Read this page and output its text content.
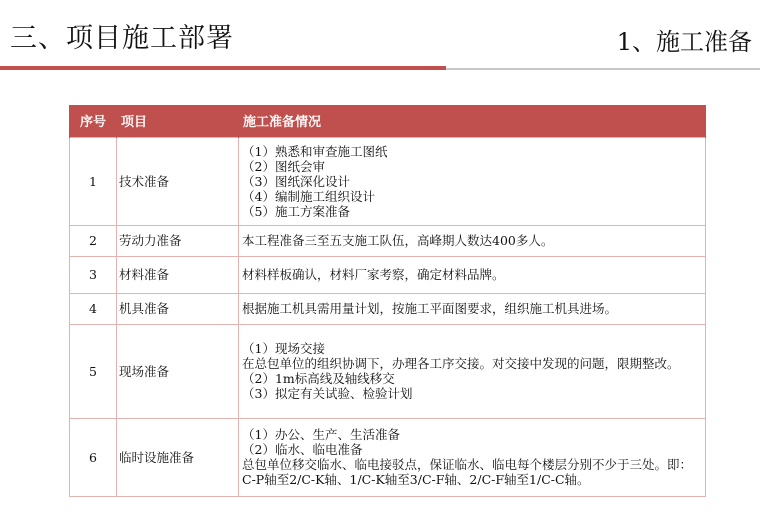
三、项目施工部署	1、施工准备
序号	项目	施工准备情况
1	技术准备	（1）熟悉和审查施工图纸
（2）图纸会审
（3）图纸深化设计
（4）编制施工组织设计
（5）施工方案准备

2	劳动力准备	本工程准备三至五支施工队伍，高峰期人数达400多人。

3	材料准备	材料样板确认，材料厂家考察，确定材料品牌。

4	机具准备	根据施工机具需用量计划，按施工平面图要求，组织施工机具进场。

5	现场准备	（1）现场交接
在总包单位的组织协调下，办理各工序交接。对交接中发现的问题，限期整改。
（2）1m标高线及轴线移交
（3）拟定有关试验、检验计划

6	临时设施准备	（1）办公、生产、生活准备
（2）临水、临电准备
总包单位移交临水、临电接驳点，保证临水、临电每个楼层分别不少于三处。即：C-P轴至2/C-K轴、1/C-K轴至3/C-F轴、2/C-F轴至1/C-C轴。
